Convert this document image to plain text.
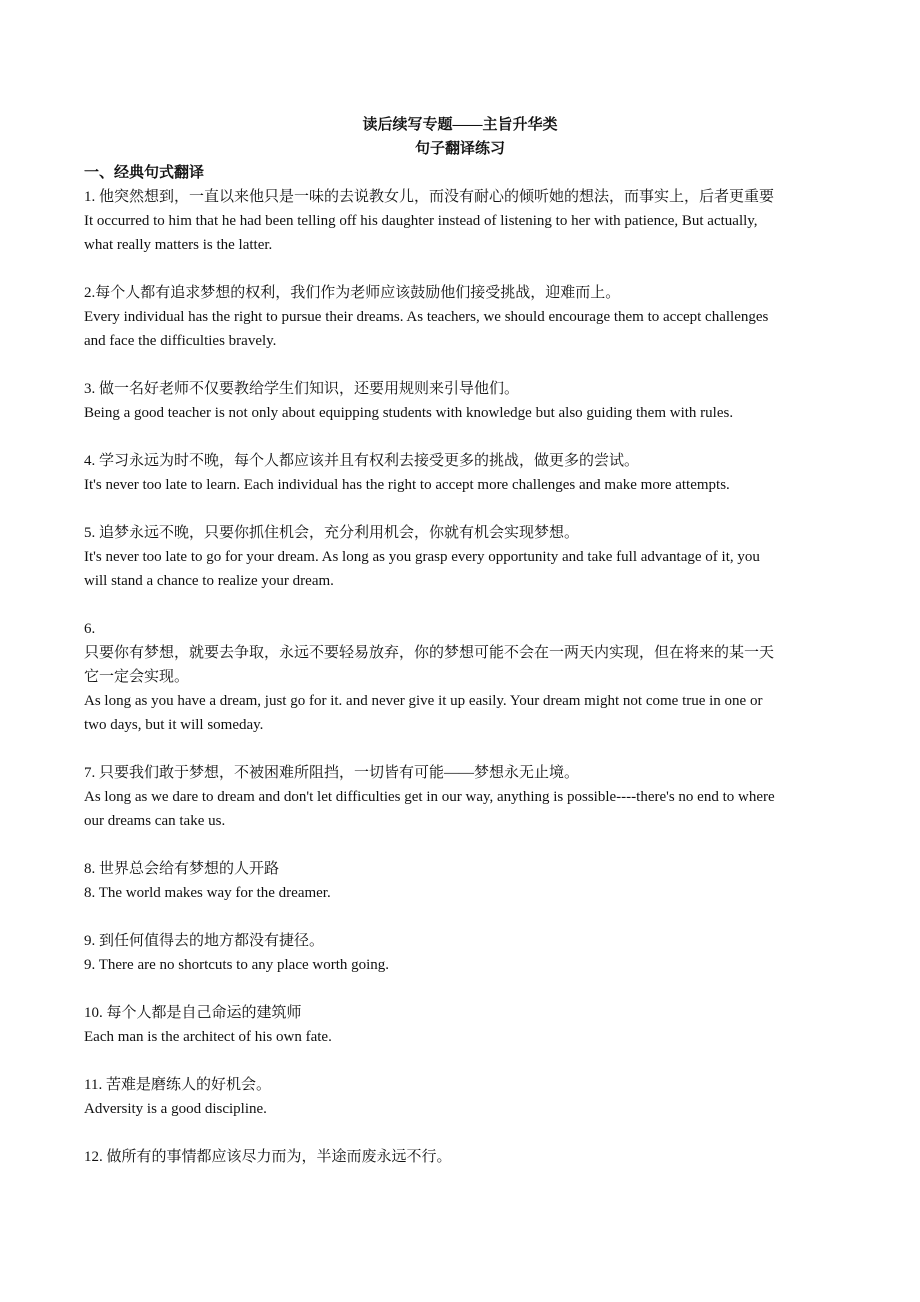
读后续写专题——主旨升华类
句子翻译练习
一、经典句式翻译
1. 他突然想到，一直以来他只是一味的去说教女儿，而没有耐心的倾听她的想法，而事实上，后者更重要
It occurred to him that he had been telling off his daughter instead of listening to her with patience, But actually,
what really matters is the latter.
2.每个人都有追求梦想的权利，我们作为老师应该鼓励他们接受挑战，迎难而上。
Every individual has the right to pursue their dreams. As teachers, we should encourage them to accept challenges
and face the difficulties bravely.
3. 做一名好老师不仅要教给学生们知识，还要用规则来引导他们。
Being a good teacher is not only about equipping students with knowledge but also guiding them with rules.
4. 学习永远为时不晚，每个人都应该并且有权利去接受更多的挑战，做更多的尝试。
It's never too late to learn. Each individual has the right to accept more challenges and make more attempts.
5. 追梦永远不晚，只要你抓住机会，充分利用机会，你就有机会实现梦想。
It's never too late to go for your dream. As long as you grasp every opportunity and take full advantage of it, you
will stand a chance to realize your dream.
6.
只要你有梦想，就要去争取，永远不要轻易放弃，你的梦想可能不会在一两天内实现，但在将来的某一天
它一定会实现。
As long as you have a dream, just go for it. and never give it up easily. Your dream might not come true in one or
two days, but it will someday.
7. 只要我们敢于梦想，不被困难所阻挡，一切皆有可能——梦想永无止境。
As long as we dare to dream and don't let difficulties get in our way, anything is possible----there's no end to where
our dreams can take us.
8. 世界总会给有梦想的人开路
8. The world makes way for the dreamer.
9. 到任何值得去的地方都没有捷径。
9. There are no shortcuts to any place worth going.
10. 每个人都是自己命运的建筑师
Each man is the architect of his own fate.
11. 苦难是磨练人的好机会。
Adversity is a good discipline.
12. 做所有的事情都应该尽力而为，半途而废永远不行。
